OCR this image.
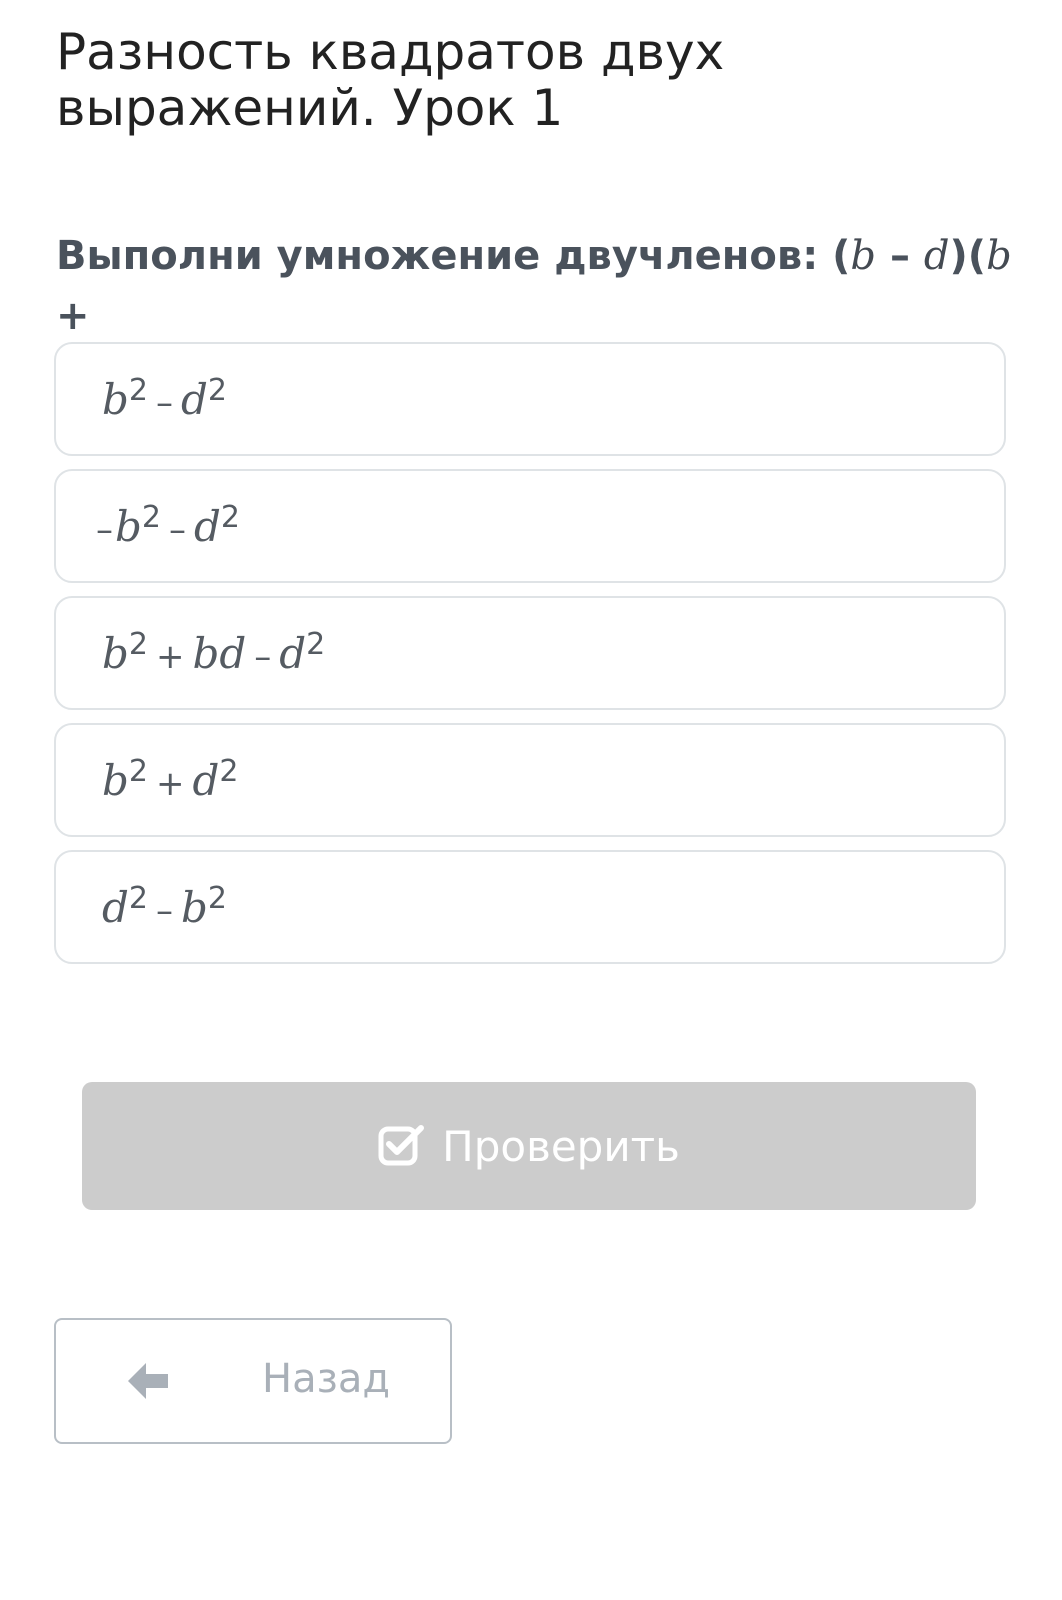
Разность квадратов двух
выражений. Урок 1
Выполни умножение двучленов: (b – d)(b +

$b^2 - d^2$
$-b^2 - d^2$
$b^2$ + bd – $d^2$
$b^2 + d^2$
$d^2 - b^2$
Проверить
Назад
